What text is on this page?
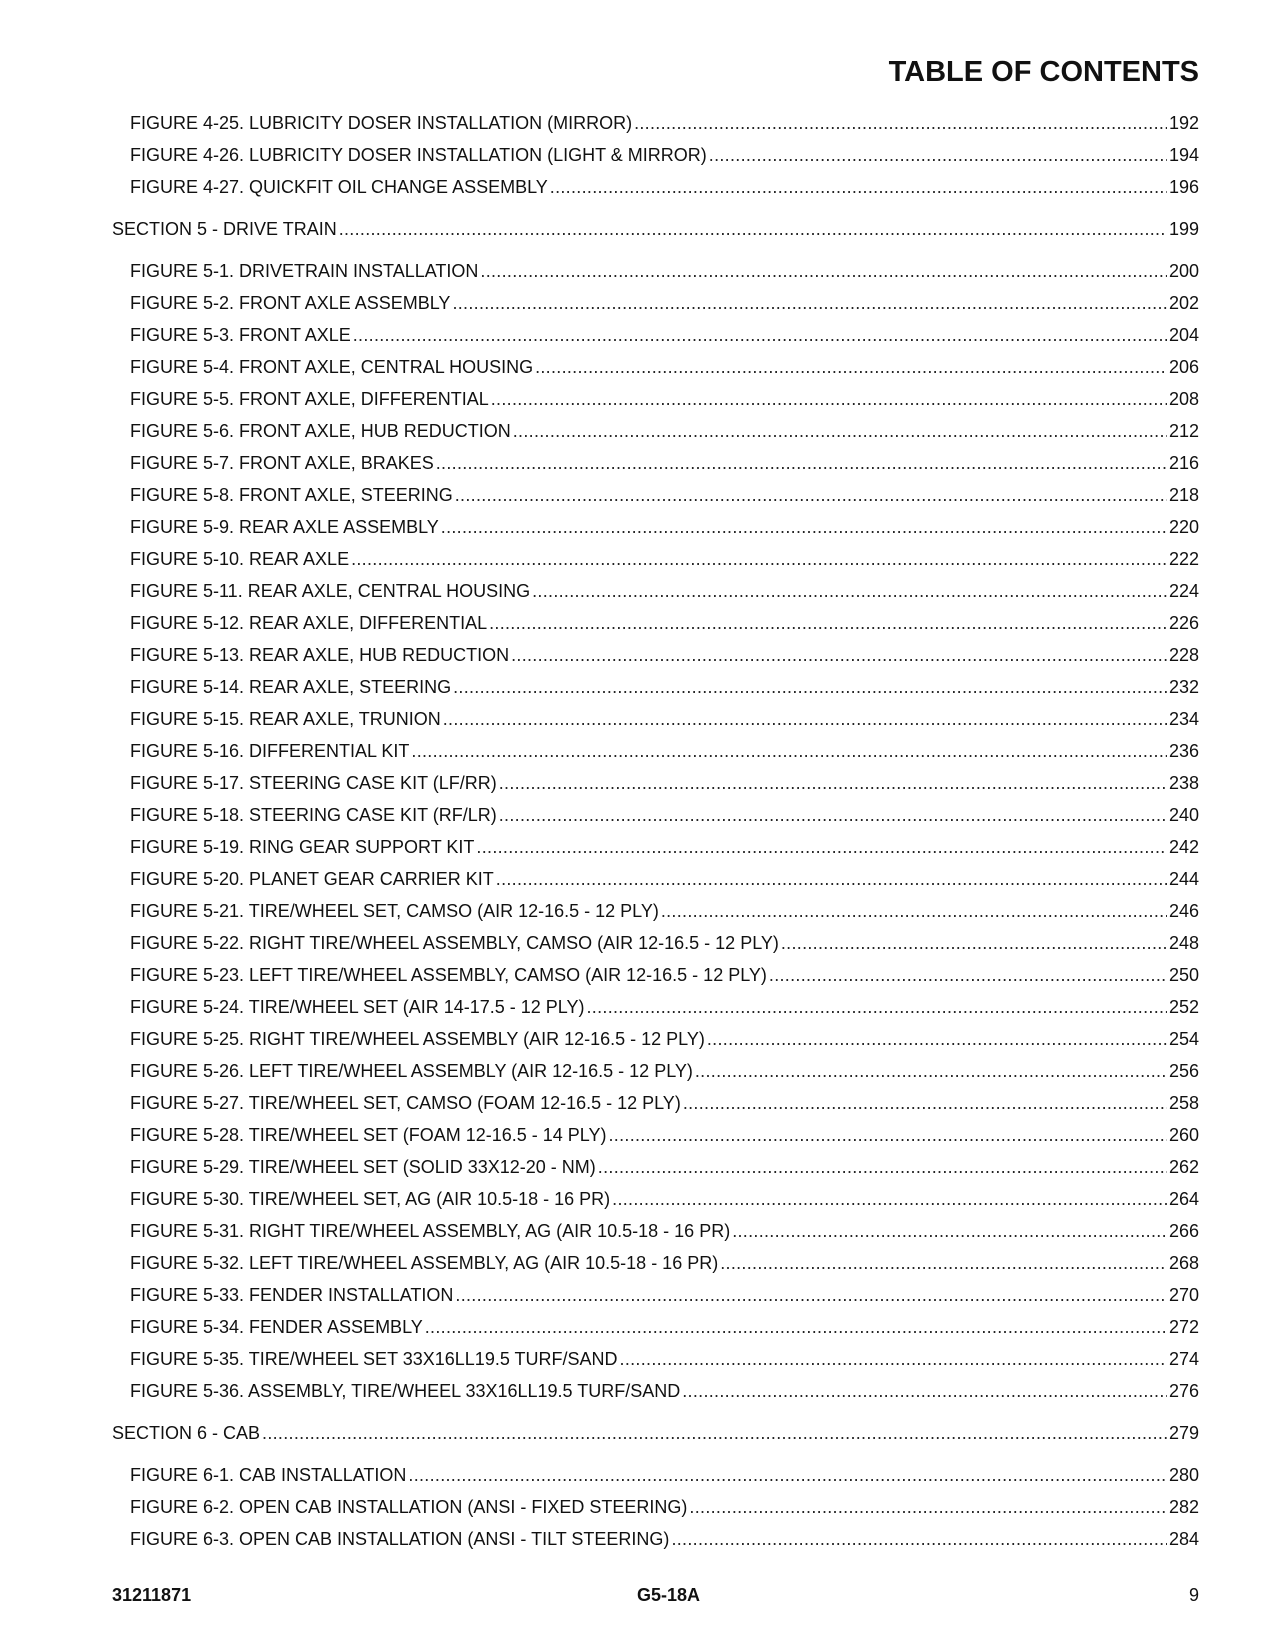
TABLE OF CONTENTS
FIGURE 4-25. LUBRICITY DOSER INSTALLATION (MIRROR) .....	192
FIGURE 4-26. LUBRICITY DOSER INSTALLATION (LIGHT & MIRROR) .....	194
FIGURE 4-27. QUICKFIT OIL CHANGE ASSEMBLY .....	196
SECTION 5 - DRIVE TRAIN .....	199
FIGURE 5-1. DRIVETRAIN INSTALLATION .....	200
FIGURE 5-2. FRONT AXLE ASSEMBLY .....	202
FIGURE 5-3. FRONT AXLE .....	204
FIGURE 5-4. FRONT AXLE, CENTRAL HOUSING .....	206
FIGURE 5-5. FRONT AXLE, DIFFERENTIAL .....	208
FIGURE 5-6. FRONT AXLE, HUB REDUCTION .....	212
FIGURE 5-7. FRONT AXLE, BRAKES .....	216
FIGURE 5-8. FRONT AXLE, STEERING .....	218
FIGURE 5-9. REAR AXLE ASSEMBLY .....	220
FIGURE 5-10. REAR AXLE .....	222
FIGURE 5-11. REAR AXLE, CENTRAL HOUSING .....	224
FIGURE 5-12. REAR AXLE, DIFFERENTIAL .....	226
FIGURE 5-13. REAR AXLE, HUB REDUCTION .....	228
FIGURE 5-14. REAR AXLE, STEERING .....	232
FIGURE 5-15. REAR AXLE, TRUNION .....	234
FIGURE 5-16. DIFFERENTIAL KIT .....	236
FIGURE 5-17. STEERING CASE KIT (LF/RR) .....	238
FIGURE 5-18. STEERING CASE KIT (RF/LR) .....	240
FIGURE 5-19. RING GEAR SUPPORT KIT .....	242
FIGURE 5-20. PLANET GEAR CARRIER KIT .....	244
FIGURE 5-21. TIRE/WHEEL SET, CAMSO (AIR 12-16.5 - 12 PLY) .....	246
FIGURE 5-22. RIGHT TIRE/WHEEL ASSEMBLY, CAMSO (AIR 12-16.5 - 12 PLY) .....	248
FIGURE 5-23. LEFT TIRE/WHEEL ASSEMBLY, CAMSO (AIR 12-16.5 - 12 PLY) .....	250
FIGURE 5-24. TIRE/WHEEL SET (AIR 14-17.5 - 12 PLY) .....	252
FIGURE 5-25. RIGHT TIRE/WHEEL ASSEMBLY (AIR 12-16.5 - 12 PLY) .....	254
FIGURE 5-26. LEFT TIRE/WHEEL ASSEMBLY (AIR 12-16.5 - 12 PLY) .....	256
FIGURE 5-27. TIRE/WHEEL SET, CAMSO (FOAM 12-16.5 - 12 PLY) .....	258
FIGURE 5-28. TIRE/WHEEL SET (FOAM 12-16.5 - 14 PLY) .....	260
FIGURE 5-29. TIRE/WHEEL SET (SOLID 33X12-20 - NM) .....	262
FIGURE 5-30. TIRE/WHEEL SET, AG (AIR 10.5-18 - 16 PR) .....	264
FIGURE 5-31. RIGHT TIRE/WHEEL ASSEMBLY, AG (AIR 10.5-18 - 16 PR) .....	266
FIGURE 5-32. LEFT TIRE/WHEEL ASSEMBLY, AG (AIR 10.5-18 - 16 PR) .....	268
FIGURE 5-33. FENDER INSTALLATION .....	270
FIGURE 5-34. FENDER ASSEMBLY .....	272
FIGURE 5-35. TIRE/WHEEL SET 33X16LL19.5 TURF/SAND .....	274
FIGURE 5-36. ASSEMBLY, TIRE/WHEEL 33X16LL19.5 TURF/SAND .....	276
SECTION 6 - CAB .....	279
FIGURE 6-1. CAB INSTALLATION .....	280
FIGURE 6-2. OPEN CAB INSTALLATION (ANSI - FIXED STEERING) .....	282
FIGURE 6-3. OPEN CAB INSTALLATION (ANSI - TILT STEERING) .....	284
31211871	G5-18A	9
